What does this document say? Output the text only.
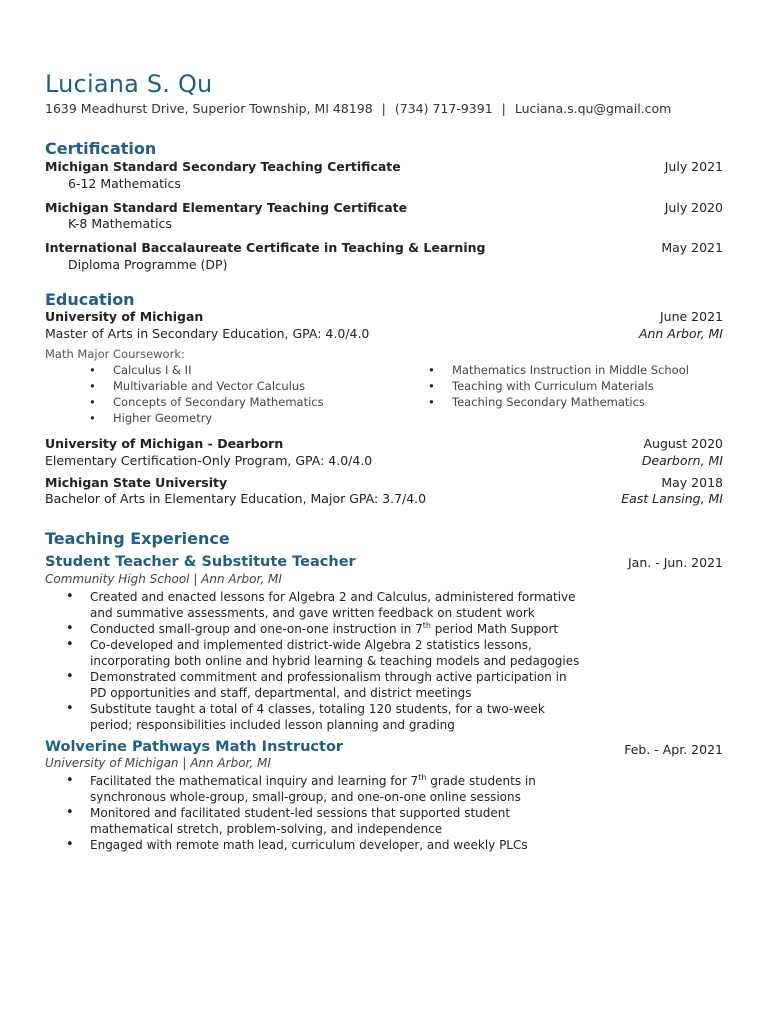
Luciana S. Qu
1639 Meadhurst Drive, Superior Township, MI 48198 | (734) 717-9391 | Luciana.s.qu@gmail.com
Certification
Michigan Standard Secondary Teaching Certificate	July 2021
6-12 Mathematics
Michigan Standard Elementary Teaching Certificate	July 2020
K-8 Mathematics
International Baccalaureate Certificate in Teaching & Learning	May 2021
Diploma Programme (DP)
Education
University of Michigan	June 2021
Master of Arts in Secondary Education, GPA: 4.0/4.0	Ann Arbor, MI
Math Major Coursework:
• Calculus I & II
• Multivariable and Vector Calculus
• Concepts of Secondary Mathematics
• Higher Geometry
• Mathematics Instruction in Middle School
• Teaching with Curriculum Materials
• Teaching Secondary Mathematics
University of Michigan - Dearborn	August 2020
Elementary Certification-Only Program, GPA: 4.0/4.0	Dearborn, MI
Michigan State University	May 2018
Bachelor of Arts in Elementary Education, Major GPA: 3.7/4.0	East Lansing, MI
Teaching Experience
Student Teacher & Substitute Teacher	Jan. - Jun. 2021
Community High School | Ann Arbor, MI
• Created and enacted lessons for Algebra 2 and Calculus, administered formative and summative assessments, and gave written feedback on student work
• Conducted small-group and one-on-one instruction in 7th period Math Support
• Co-developed and implemented district-wide Algebra 2 statistics lessons, incorporating both online and hybrid learning & teaching models and pedagogies
• Demonstrated commitment and professionalism through active participation in PD opportunities and staff, departmental, and district meetings
• Substitute taught a total of 4 classes, totaling 120 students, for a two-week period; responsibilities included lesson planning and grading
Wolverine Pathways Math Instructor	Feb. - Apr. 2021
University of Michigan | Ann Arbor, MI
• Facilitated the mathematical inquiry and learning for 7th grade students in synchronous whole-group, small-group, and one-on-one online sessions
• Monitored and facilitated student-led sessions that supported student mathematical stretch, problem-solving, and independence
• Engaged with remote math lead, curriculum developer, and weekly PLCs
